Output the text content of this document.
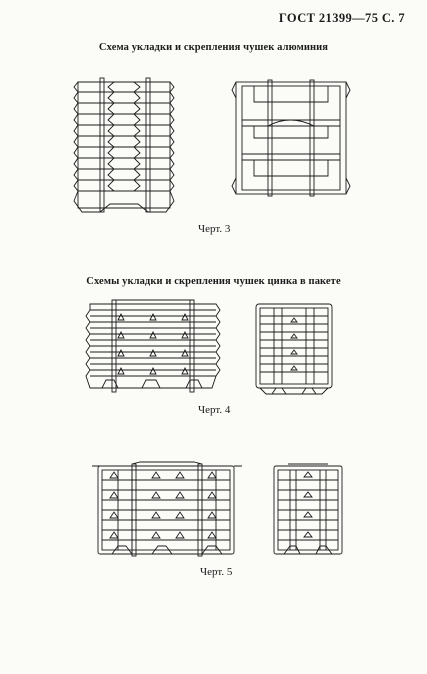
ГОСТ 21399—75 С. 7
Схема укладки и скрепления чушек алюминия
Черт. 3
Схемы укладки и скрепления чушек цинка в пакете
Черт. 4
Черт. 5
